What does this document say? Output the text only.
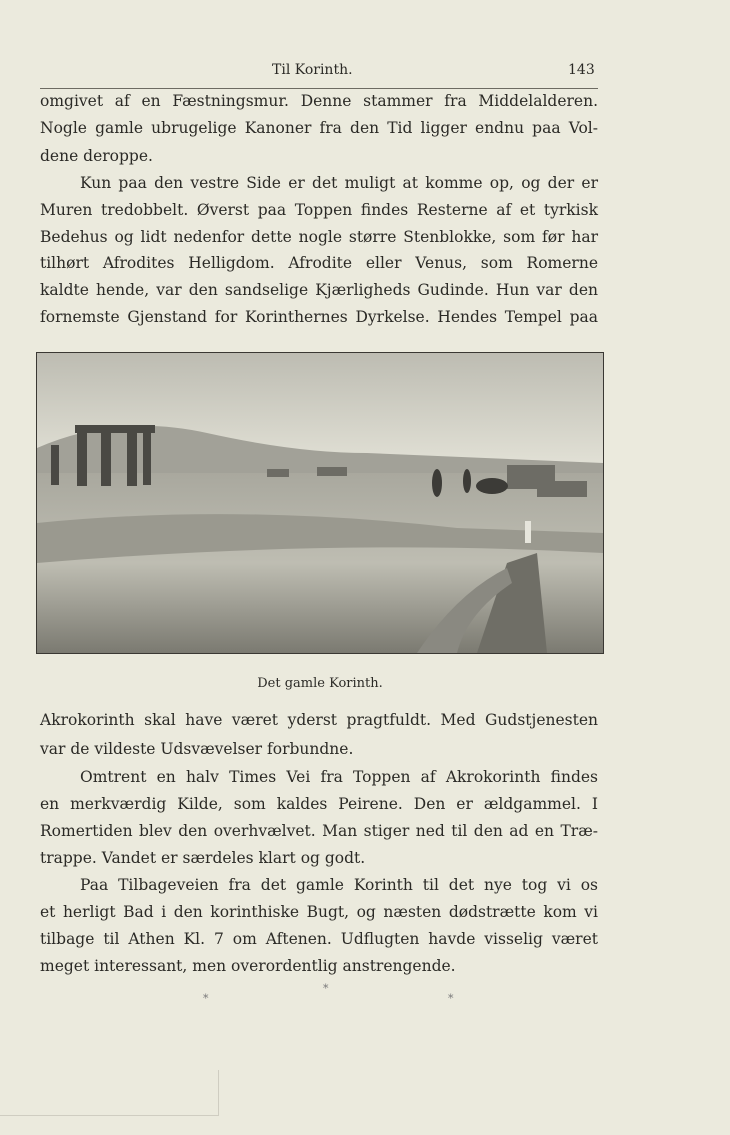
Til Korinth.	143
omgivet af en Fæstningsmur. Denne stammer fra Middelalderen.
Nogle gamle ubrugelige Kanoner fra den Tid ligger endnu paa Vol-
dene deroppe.
Kun paa den vestre Side er det muligt at komme op, og der er
Muren tredobbelt. Øverst paa Toppen findes Resterne af et tyrkisk
Bedehus og lidt nedenfor dette nogle større Stenblokke, som før har
tilhørt Afrodites Helligdom. Afrodite eller Venus, som Romerne
kaldte hende, var den sandselige Kjærligheds Gudinde. Hun var den
fornemste Gjenstand for Korinthernes Dyrkelse. Hendes Tempel paa
Det gamle Korinth.
Akrokorinth skal have været yderst pragtfuldt. Med Gudstjenesten
var de vildeste Udsvævelser forbundne.
Omtrent en halv Times Vei fra Toppen af Akrokorinth findes
en merkværdig Kilde, som kaldes Peirene. Den er ældgammel. I
Romertiden blev den overhvælvet. Man stiger ned til den ad en Træ-
trappe. Vandet er særdeles klart og godt.
Paa Tilbageveien fra det gamle Korinth til det nye tog vi os
et herligt Bad i den korinthiske Bugt, og næsten dødstrætte kom vi
tilbage til Athen Kl. 7 om Aftenen. Udflugten havde visselig været
meget interessant, men overordentlig anstrengende.
*
*	*
